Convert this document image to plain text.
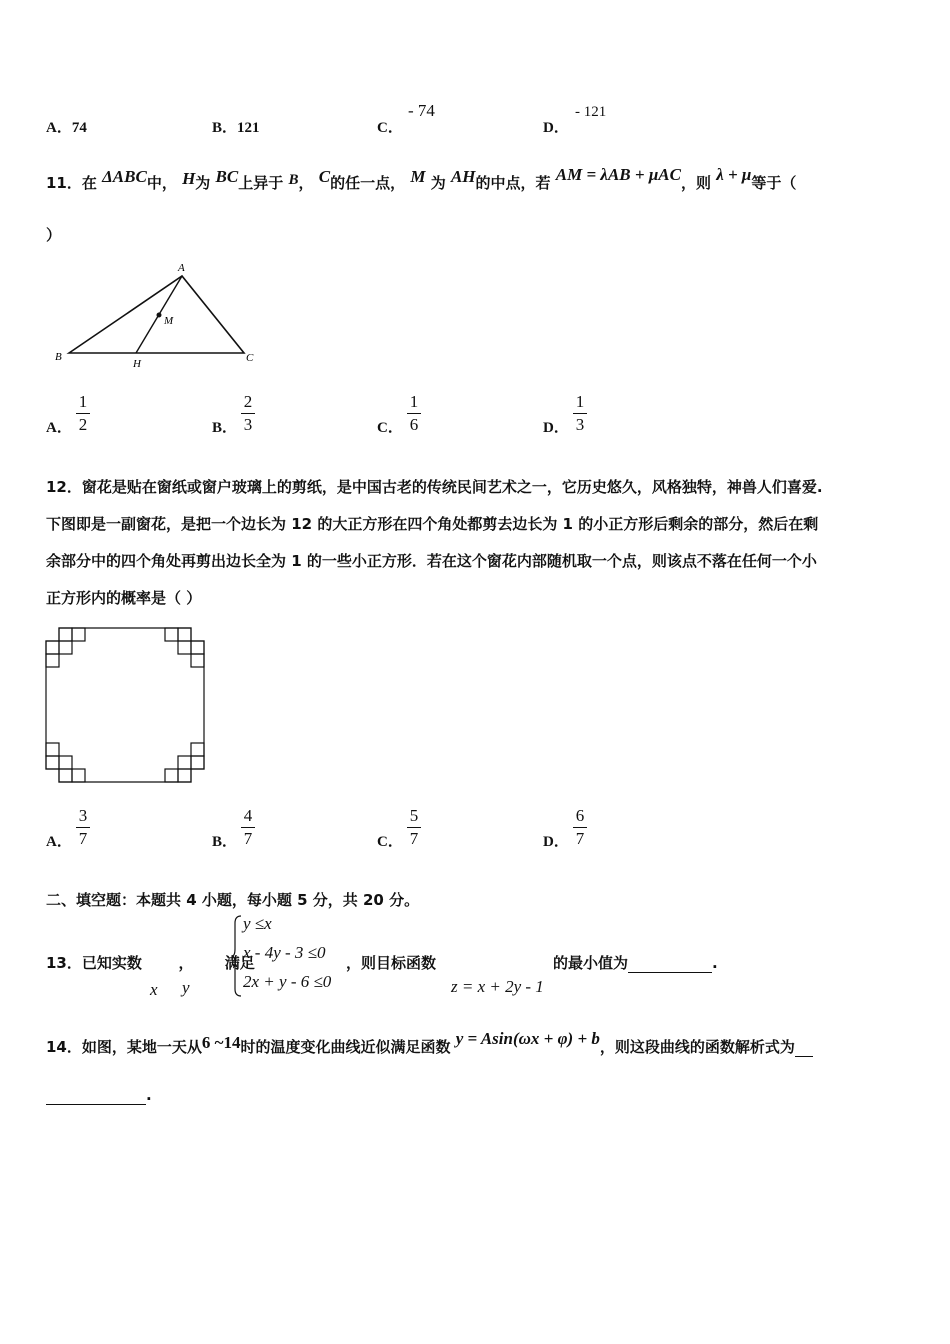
A．74	B．121	C．
- 74
D．
- 121
11．在 ΔABC中， H为 BC上异于 B， C的任一点， M 为 AH的中点，若 AM = λAB + μAC，则 λ + μ等于（
）
A
M
B
H	C
A．
1
2	B．
2
3	C．
1
6	D．
1
3
12．窗花是贴在窗纸或窗户玻璃上的剪纸，是中国古老的传统民间艺术之一，它历史悠久，风格独特，神兽人们喜爱.
下图即是一副窗花，是把一个边长为 12 的大正方形在四个角处都剪去边长为 1 的小正方形后剩余的部分，然后在剩
余部分中的四个角处再剪出边长全为 1 的一些小正方形．若在这个窗花内部随机取一个点，则该点不落在任何一个小
正方形内的概率是（ ）
A．
3
7	B．
4
7	C．
5
7	D．
6
7
二、填空题：本题共 4 小题，每小题 5 分，共 20 分。
13．已知实数 ， 满足
x y
y ≤x
x - 4y - 3 ≤0
2x + y - 6 ≤0
，则目标函数
z = x + 2y - 1
的最小值为	.
14．如图，某地一天从6 ~14时的温度变化曲线近似满足函数 y = Asin(ωx + φ) + b，则这段曲线的函数解析式为
.
